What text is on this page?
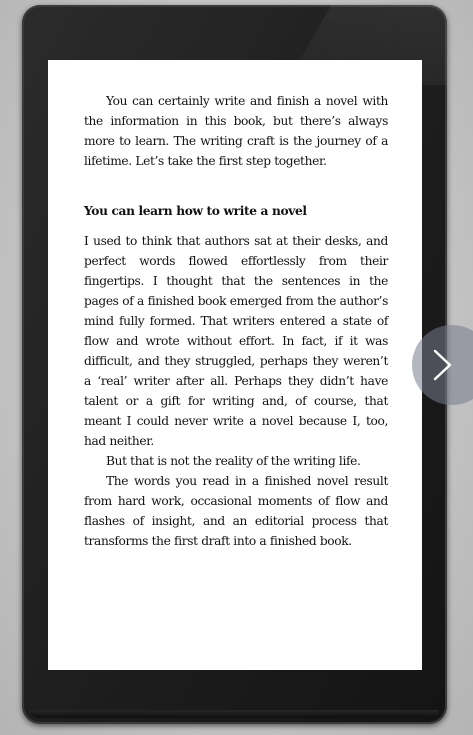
You can certainly write and finish a novel with the information in this book, but there’s always more to learn. The writing craft is the journey of a lifetime. Let’s take the first step together.

You can learn how to write a novel

I used to think that authors sat at their desks, and perfect words flowed effortlessly from their fingertips. I thought that the sentences in the pages of a finished book emerged from the author’s mind fully formed. That writers entered a state of flow and wrote without effort. In fact, if it was difficult, and they struggled, perhaps they weren’t a ‘real’ writer after all. Perhaps they didn’t have talent or a gift for writing and, of course, that meant I could never write a novel because I, too, had neither.

But that is not the reality of the writing life.

The words you read in a finished novel result from hard work, occasional moments of flow and flashes of insight, and an editorial process that transforms the first draft into a finished book.
